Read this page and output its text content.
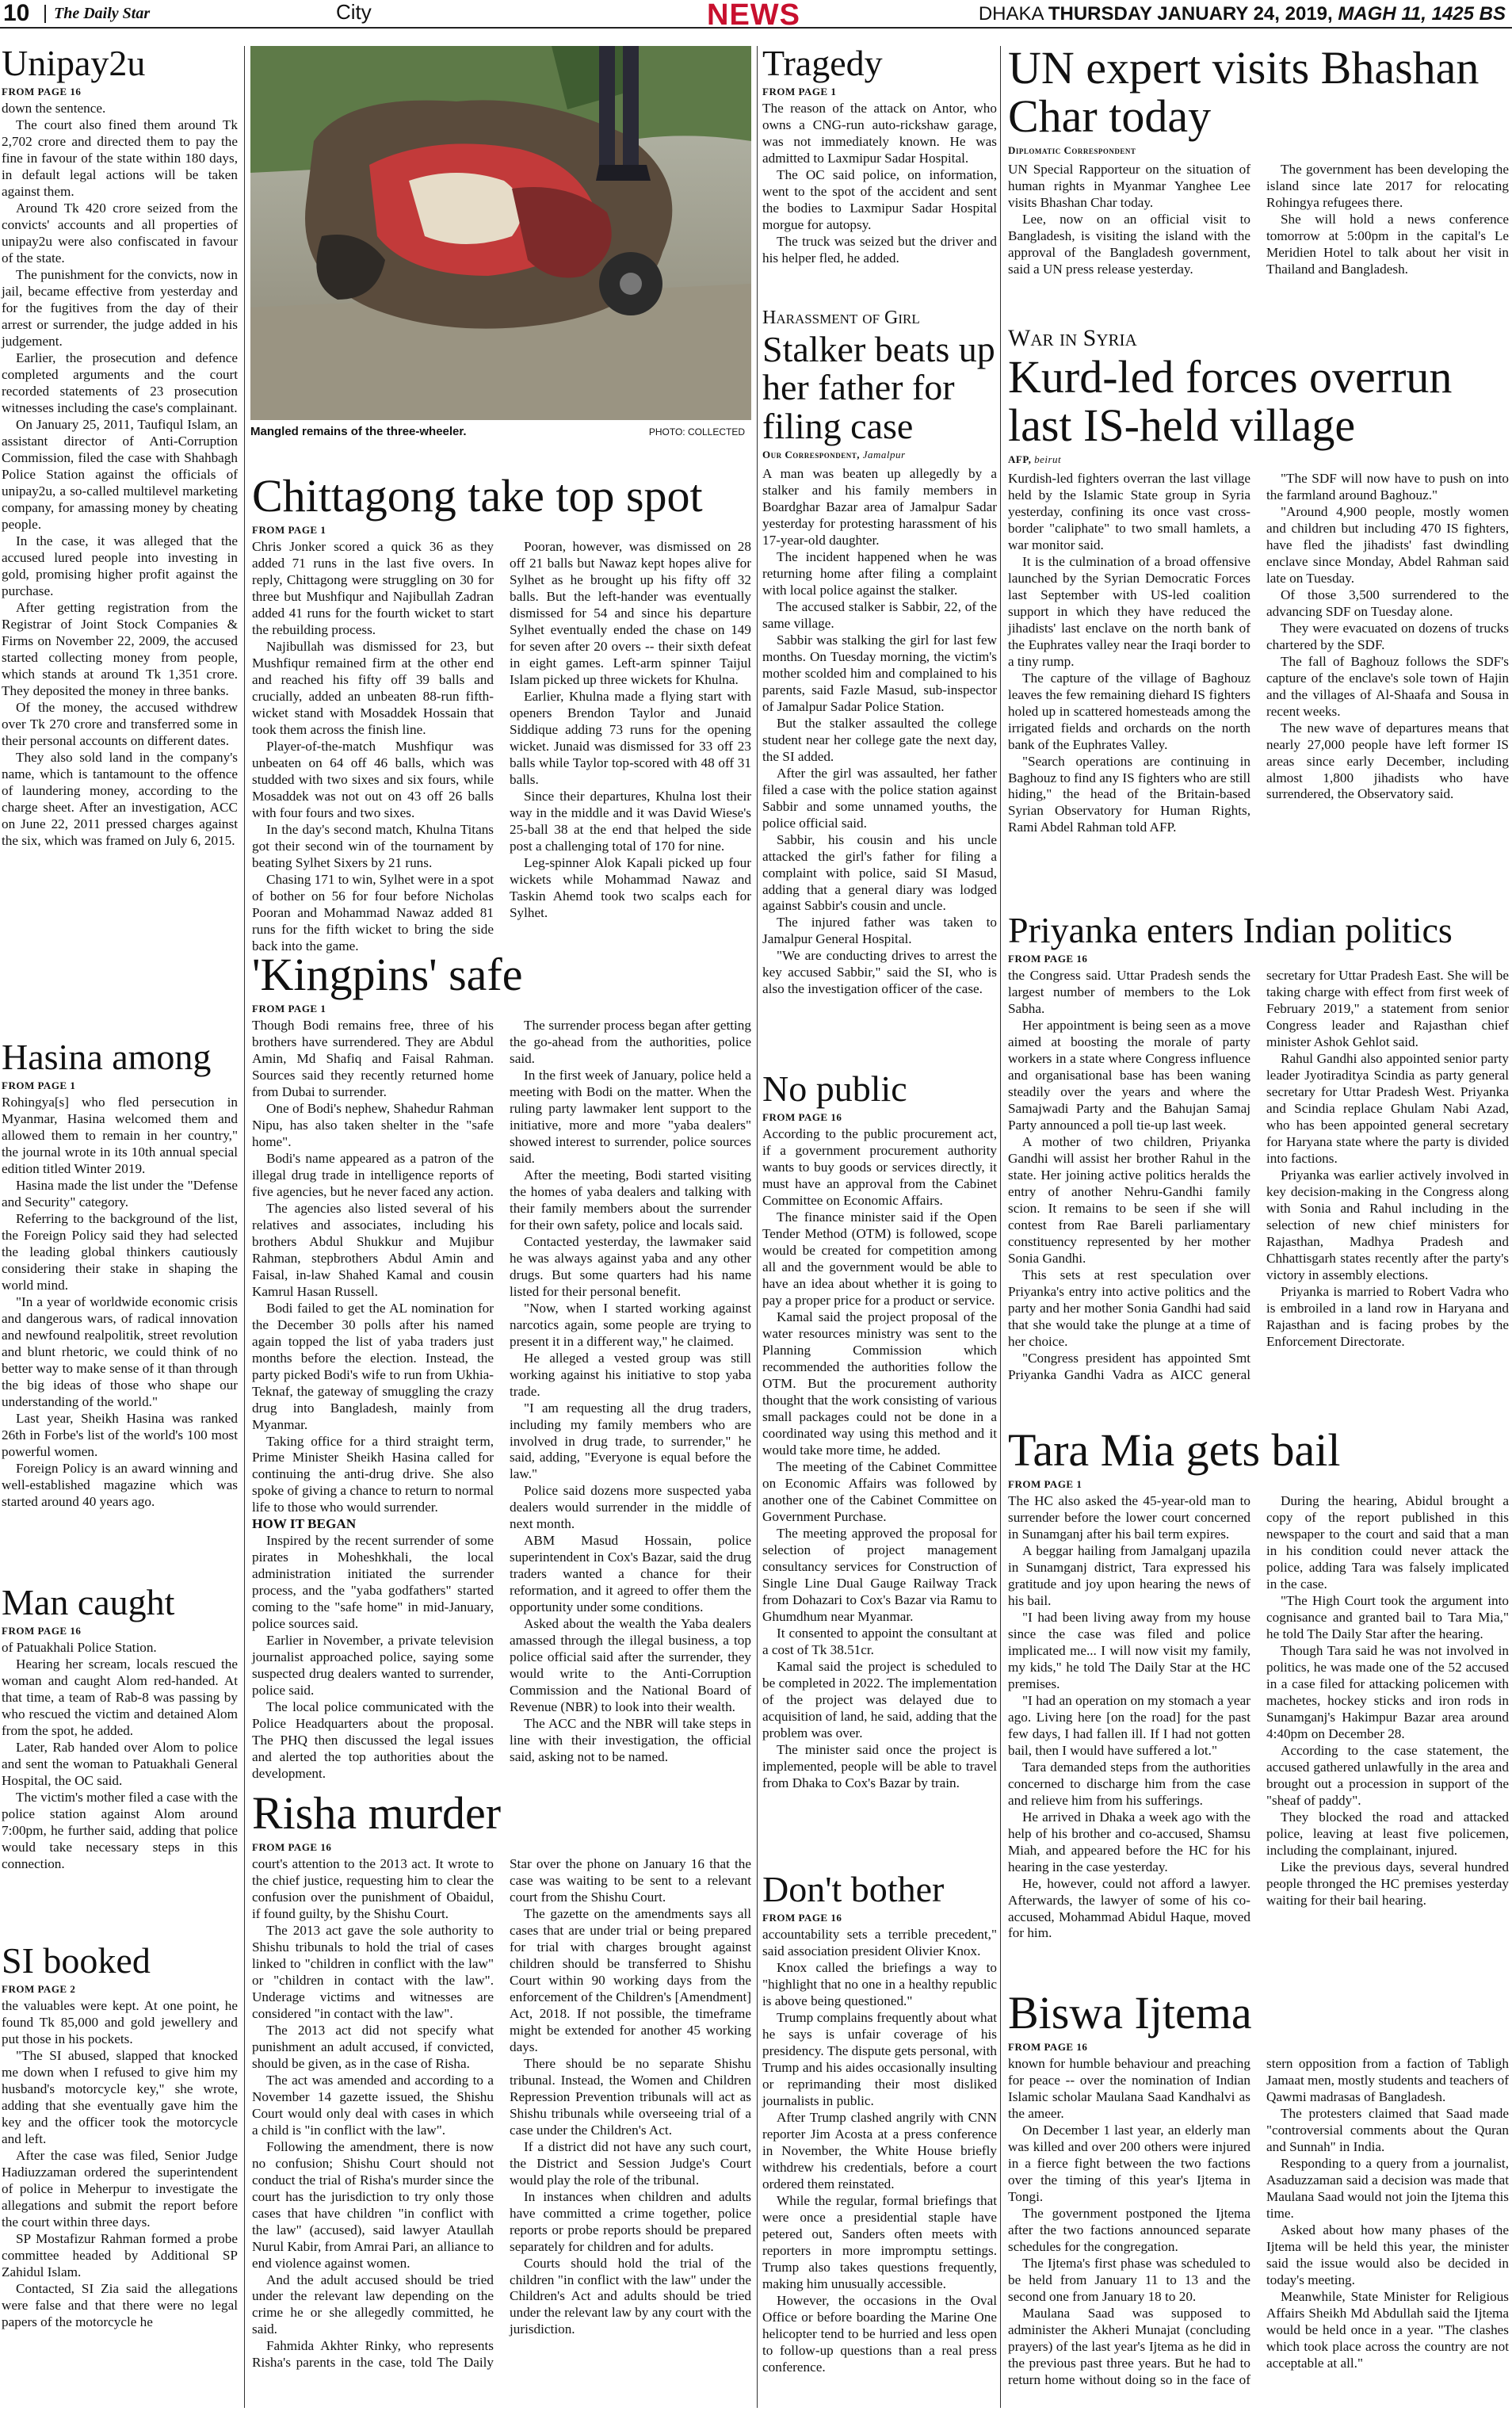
10	The Daily Star	City	NEWS	DHAKA THURSDAY JANUARY 24, 2019, MAGH 11, 1425 BS
Mangled remains of the three-wheeler.	PHOTO: COLLECTED
Unipay2u
FROM PAGE 16

down the sentence.

The court also fined them around Tk 2,702 crore and directed them to pay the fine in favour of the state within 180 days, in default legal actions will be taken against them.

Around Tk 420 crore seized from the convicts' accounts and all properties of unipay2u were also confiscated in favour of the state.

The punishment for the convicts, now in jail, became effective from yesterday and for the fugitives from the day of their arrest or surrender, the judge added in his judgement.

Earlier, the prosecution and defence completed arguments and the court recorded statements of 23 prosecution witnesses including the case's complainant.

On January 25, 2011, Taufiqul Islam, an assistant director of Anti-Corruption Commission, filed the case with Shahbagh Police Station against the officials of unipay2u, a so-called multilevel marketing company, for amassing money by cheating people.

In the case, it was alleged that the accused lured people into investing in gold, promising higher profit against the purchase.

After getting registration from the Registrar of Joint Stock Companies & Firms on November 22, 2009, the accused started collecting money from people, which stands at around Tk 1,351 crore. They deposited the money in three banks.

Of the money, the accused withdrew over Tk 270 crore and transferred some in their personal accounts on different dates.

They also sold land in the company's name, which is tantamount to the offence of laundering money, according to the charge sheet. After an investigation, ACC on June 22, 2011 pressed charges against the six, which was framed on July 6, 2015.

Hasina among
FROM PAGE 1

Rohingya[s] who fled persecution in Myanmar, Hasina welcomed them and allowed them to remain in her country," the journal wrote in its 10th annual special edition titled Winter 2019.

Hasina made the list under the "Defense and Security" category.

Referring to the background of the list, the Foreign Policy said they had selected the leading global thinkers cautiously considering their stake in shaping the world mind.

"In a year of worldwide economic crisis and dangerous wars, of radical innovation and newfound realpolitik, street revolution and blunt rhetoric, we could think of no better way to make sense of it than through the big ideas of those who shape our understanding of the world."

Last year, Sheikh Hasina was ranked 26th in Forbe's list of the world's 100 most powerful women.

Foreign Policy is an award winning and well-established magazine which was started around 40 years ago.

Man caught
FROM PAGE 16

of Patuakhali Police Station.

Hearing her scream, locals rescued the woman and caught Alom red-handed. At that time, a team of Rab-8 was passing by who rescued the victim and detained Alom from the spot, he added.

Later, Rab handed over Alom to police and sent the woman to Patuakhali General Hospital, the OC said.

The victim's mother filed a case with the police station against Alom around 7:00pm, he further said, adding that police would take necessary steps in this connection.

SI booked
FROM PAGE 2

the valuables were kept. At one point, he found Tk 85,000 and gold jewellery and put those in his pockets.

"The SI abused, slapped that knocked me down when I refused to give him my husband's motorcycle key," she wrote, adding that she eventually gave him the key and the officer took the motorcycle and left.

After the case was filed, Senior Judge Hadiuzzaman ordered the superintendent of police in Meherpur to investigate the allegations and submit the report before the court within three days.

SP Mostafizur Rahman formed a probe committee headed by Additional SP Zahidul Islam.

Contacted, SI Zia said the allegations were false and that there were no legal papers of the motorcycle he

Chittagong take top spot
FROM PAGE 1

Chris Jonker scored a quick 36 as they added 71 runs in the last five overs. In reply, Chittagong were struggling on 30 for three but Mushfiqur and Najibullah Zadran added 41 runs for the fourth wicket to start the rebuilding process.

Najibullah was dismissed for 23, but Mushfiqur remained firm at the other end and reached his fifty off 39 balls and crucially, added an unbeaten 88-run fifth-wicket stand with Mosaddek Hossain that took them across the finish line.

Player-of-the-match Mushfiqur was unbeaten on 64 off 46 balls, which was studded with two sixes and six fours, while Mosaddek was not out on 43 off 26 balls with four fours and two sixes.

In the day's second match, Khulna Titans got their second win of the tournament by beating Sylhet Sixers by 21 runs.

Chasing 171 to win, Sylhet were in a spot of bother on 56 for four before Nicholas Pooran and Mohammad Nawaz added 81 runs for the fifth wicket to bring the side back into the game.

Pooran, however, was dismissed on 28 off 21 balls but Nawaz kept hopes alive for Sylhet as he brought up his fifty off 32 balls. But the left-hander was eventually dismissed for 54 and since his departure Sylhet eventually ended the chase on 149 for seven after 20 overs -- their sixth defeat in eight games. Left-arm spinner Taijul Islam picked up three wickets for Khulna.

Earlier, Khulna made a flying start with openers Brendon Taylor and Junaid Siddique adding 73 runs for the opening wicket. Junaid was dismissed for 33 off 23 balls while Taylor top-scored with 48 off 31 balls.

Since their departures, Khulna lost their way in the middle and it was David Wiese's 25-ball 38 at the end that helped the side post a challenging total of 170 for nine.

Leg-spinner Alok Kapali picked up four wickets while Mohammad Nawaz and Taskin Ahemd took two scalps each for Sylhet.

'Kingpins' safe
FROM PAGE 1

Though Bodi remains free, three of his brothers have surrendered. They are Abdul Amin, Md Shafiq and Faisal Rahman. Sources said they recently returned home from Dubai to surrender.

One of Bodi's nephew, Shahedur Rahman Nipu, has also taken shelter in the "safe home".

Bodi's name appeared as a patron of the illegal drug trade in intelligence reports of five agencies, but he never faced any action.

The agencies also listed several of his relatives and associates, including his brothers Abdul Shukkur and Mujibur Rahman, stepbrothers Abdul Amin and Faisal, in-law Shahed Kamal and cousin Kamrul Hasan Russell.

Bodi failed to get the AL nomination for the December 30 polls after his named again topped the list of yaba traders just months before the election. Instead, the party picked Bodi's wife to run from Ukhia-Teknaf, the gateway of smuggling the crazy drug into Bangladesh, mainly from Myanmar.

Taking office for a third straight term, Prime Minister Sheikh Hasina called for continuing the anti-drug drive. She also spoke of giving a chance to return to normal life to those who would surrender.

HOW IT BEGAN

Inspired by the recent surrender of some pirates in Moheshkhali, the local administration initiated the surrender process, and the "yaba godfathers" started coming to the "safe home" in mid-January, police sources said.

Earlier in November, a private television journalist approached police, saying some suspected drug dealers wanted to surrender, police said.

The local police communicated with the Police Headquarters about the proposal. The PHQ then discussed the legal issues and alerted the top authorities about the development.

The surrender process began after getting the go-ahead from the authorities, police said.

In the first week of January, police held a meeting with Bodi on the matter. When the ruling party lawmaker lent support to the initiative, more and more "yaba dealers" showed interest to surrender, police sources said.

After the meeting, Bodi started visiting the homes of yaba dealers and talking with their family members about the surrender for their own safety, police and locals said.

Contacted yesterday, the lawmaker said he was always against yaba and any other drugs. But some quarters had his name listed for their personal benefit.

"Now, when I started working against narcotics again, some people are trying to present it in a different way," he claimed.

He alleged a vested group was still working against his initiative to stop yaba trade.

"I am requesting all the drug traders, including my family members who are involved in drug trade, to surrender," he said, adding, "Everyone is equal before the law."

Police said dozens more suspected yaba dealers would surrender in the middle of next month.

ABM Masud Hossain, police superintendent in Cox's Bazar, said the drug traders wanted a chance for their reformation, and it agreed to offer them the opportunity under some conditions.

Asked about the wealth the Yaba dealers amassed through the illegal business, a top police official said after the surrender, they would write to the Anti-Corruption Commission and the National Board of Revenue (NBR) to look into their wealth.

The ACC and the NBR will take steps in line with their investigation, the official said, asking not to be named.

Risha murder
FROM PAGE 16

court's attention to the 2013 act. It wrote to the chief justice, requesting him to clear the confusion over the punishment of Obaidul, if found guilty, by the Shishu Court.

The 2013 act gave the sole authority to Shishu tribunals to hold the trial of cases linked to "children in conflict with the law" or "children in contact with the law". Underage victims and witnesses are considered "in contact with the law".

The 2013 act did not specify what punishment an adult accused, if convicted, should be given, as in the case of Risha.

The act was amended and according to a November 14 gazette issued, the Shishu Court would only deal with cases in which a child is "in conflict with the law".

Following the amendment, there is now no confusion; Shishu Court should not conduct the trial of Risha's murder since the court has the jurisdiction to try only those cases that have children "in conflict with the law" (accused), said lawyer Ataullah Nurul Kabir, from Amrai Pari, an alliance to end violence against women.

And the adult accused should be tried under the relevant law depending on the crime he or she allegedly committed, he said.

Fahmida Akhter Rinky, who represents Risha's parents in the case, told The Daily Star over the phone on January 16 that the case was waiting to be sent to a relevant court from the Shishu Court.

The gazette on the amendments says all cases that are under trial or being prepared for trial with charges brought against children should be transferred to Shishu Court within 90 working days from the enforcement of the Children's [Amendment] Act, 2018. If not possible, the timeframe might be extended for another 45 working days.

There should be no separate Shishu tribunal. Instead, the Women and Children Repression Prevention tribunals will act as Shishu tribunals while overseeing trial of a case under the Children's Act.

If a district did not have any such court, the District and Session Judge's Court would play the role of the tribunal.

In instances when children and adults have committed a crime together, police reports or probe reports should be prepared separately for children and for adults.

Courts should hold the trial of the children "in conflict with the law" under the Children's Act and adults should be tried under the relevant law by any court with the jurisdiction.

Tragedy
FROM PAGE 1

The reason of the attack on Antor, who owns a CNG-run auto-rickshaw garage, was not immediately known. He was admitted to Laxmipur Sadar Hospital.

The OC said police, on information, went to the spot of the accident and sent the bodies to Laxmipur Sadar Hospital morgue for autopsy.

The truck was seized but the driver and his helper fled, he added.

Harassment of Girl
Stalker beats up her father for filing case
Our Correspondent, Jamalpur

A man was beaten up allegedly by a stalker and his family members in Boardghar Bazar area of Jamalpur Sadar yesterday for protesting harassment of his 17-year-old daughter.

The incident happened when he was returning home after filing a complaint with local police against the stalker.

The accused stalker is Sabbir, 22, of the same village.

Sabbir was stalking the girl for last few months. On Tuesday morning, the victim's mother scolded him and complained to his parents, said Fazle Masud, sub-inspector of Jamalpur Sadar Police Station.

But the stalker assaulted the college student near her college gate the next day, the SI added.

After the girl was assaulted, her father filed a case with the police station against Sabbir and some unnamed youths, the police official said.

Sabbir, his cousin and his uncle attacked the girl's father for filing a complaint with police, said SI Masud, adding that a general diary was lodged against Sabbir's cousin and uncle.

The injured father was taken to Jamalpur General Hospital.

"We are conducting drives to arrest the key accused Sabbir," said the SI, who is also the investigation officer of the case.

No public
FROM PAGE 16

According to the public procurement act, if a government procurement authority wants to buy goods or services directly, it must have an approval from the Cabinet Committee on Economic Affairs.

The finance minister said if the Open Tender Method (OTM) is followed, scope would be created for competition among all and the government would be able to have an idea about whether it is going to pay a proper price for a product or service.

Kamal said the project proposal of the water resources ministry was sent to the Planning Commission which recommended the authorities follow the OTM. But the procurement authority thought that the work consisting of various small packages could not be done in a coordinated way using this method and it would take more time, he added.

The meeting of the Cabinet Committee on Economic Affairs was followed by another one of the Cabinet Committee on Government Purchase.

The meeting approved the proposal for selection of project management consultancy services for Construction of Single Line Dual Gauge Railway Track from Dohazari to Cox's Bazar via Ramu to Ghumdhum near Myanmar.

It consented to appoint the consultant at a cost of Tk 38.51cr.

Kamal said the project is scheduled to be completed in 2022. The implementation of the project was delayed due to acquisition of land, he said, adding that the problem was over.

The minister said once the project is implemented, people will be able to travel from Dhaka to Cox's Bazar by train.

Don't bother
FROM PAGE 16

accountability sets a terrible precedent," said association president Olivier Knox.

Knox called the briefings a way to "highlight that no one in a healthy republic is above being questioned."

Trump complains frequently about what he says is unfair coverage of his presidency. The dispute gets personal, with Trump and his aides occasionally insulting or reprimanding their most disliked journalists in public.

After Trump clashed angrily with CNN reporter Jim Acosta at a press conference in November, the White House briefly withdrew his credentials, before a court ordered them reinstated.

While the regular, formal briefings that were once a presidential staple have petered out, Sanders often meets with reporters in more impromptu settings. Trump also takes questions frequently, making him unusually accessible.

However, the occasions in the Oval Office or before boarding the Marine One helicopter tend to be hurried and less open to follow-up questions than a real press conference.

UN expert visits Bhashan Char today
Diplomatic Correspondent

UN Special Rapporteur on the situation of human rights in Myanmar Yanghee Lee visits Bhashan Char today.

Lee, now on an official visit to Bangladesh, is visiting the island with the approval of the Bangladesh government, said a UN press release yesterday.

The government has been developing the island since late 2017 for relocating Rohingya refugees there.

She will hold a news conference tomorrow at 5:00pm in the capital's Le Meridien Hotel to talk about her visit in Thailand and Bangladesh.

War in Syria
Kurd-led forces overrun last IS-held village
AFP, beirut

Kurdish-led fighters overran the last village held by the Islamic State group in Syria yesterday, confining its once vast cross-border "caliphate" to two small hamlets, a war monitor said.

It is the culmination of a broad offensive launched by the Syrian Democratic Forces last September with US-led coalition support in which they have reduced the jihadists' last enclave on the north bank of the Euphrates valley near the Iraqi border to a tiny rump.

The capture of the village of Baghouz leaves the few remaining diehard IS fighters holed up in scattered homesteads among the irrigated fields and orchards on the north bank of the Euphrates Valley.

"Search operations are continuing in Baghouz to find any IS fighters who are still hiding," the head of the Britain-based Syrian Observatory for Human Rights, Rami Abdel Rahman told AFP.

"The SDF will now have to push on into the farmland around Baghouz."

"Around 4,900 people, mostly women and children but including 470 IS fighters, have fled the jihadists' fast dwindling enclave since Monday, Abdel Rahman said late on Tuesday.

Of those 3,500 surrendered to the advancing SDF on Tuesday alone.

They were evacuated on dozens of trucks chartered by the SDF.

The fall of Baghouz follows the SDF's capture of the enclave's sole town of Hajin and the villages of Al-Shaafa and Sousa in recent weeks.

The new wave of departures means that nearly 27,000 people have left former IS areas since early December, including almost 1,800 jihadists who have surrendered, the Observatory said.

Priyanka enters Indian politics
FROM PAGE 16

the Congress said. Uttar Pradesh sends the largest number of members to the Lok Sabha.

Her appointment is being seen as a move aimed at boosting the morale of party workers in a state where Congress influence and organisational base has been waning steadily over the years and where the Samajwadi Party and the Bahujan Samaj Party announced a poll tie-up last week.

A mother of two children, Priyanka Gandhi will assist her brother Rahul in the state. Her joining active politics heralds the entry of another Nehru-Gandhi family scion. It remains to be seen if she will contest from Rae Bareli parliamentary constituency represented by her mother Sonia Gandhi.

This sets at rest speculation over Priyanka's entry into active politics and the party and her mother Sonia Gandhi had said that she would take the plunge at a time of her choice.

"Congress president has appointed Smt Priyanka Gandhi Vadra as AICC general secretary for Uttar Pradesh East. She will be taking charge with effect from first week of February 2019," a statement from senior Congress leader and Rajasthan chief minister Ashok Gehlot said.

Rahul Gandhi also appointed senior party leader Jyotiraditya Scindia as party general secretary for Uttar Pradesh West. Priyanka and Scindia replace Ghulam Nabi Azad, who has been appointed general secretary for Haryana state where the party is divided into factions.

Priyanka was earlier actively involved in key decision-making in the Congress along with Sonia and Rahul including in the selection of new chief ministers for Rajasthan, Madhya Pradesh and Chhattisgarh states recently after the party's victory in assembly elections.

Priyanka is married to Robert Vadra who is embroiled in a land row in Haryana and Rajasthan and is facing probes by the Enforcement Directorate.

Tara Mia gets bail
FROM PAGE 1

The HC also asked the 45-year-old man to surrender before the lower court concerned in Sunamganj after his bail term expires.

A beggar hailing from Jamalganj upazila in Sunamganj district, Tara expressed his gratitude and joy upon hearing the news of his bail.

"I had been living away from my house since the case was filed and police implicated me... I will now visit my family, my kids," he told The Daily Star at the HC premises.

"I had an operation on my stomach a year ago. Living here [on the road] for the past few days, I had fallen ill. If I had not gotten bail, then I would have suffered a lot."

Tara demanded steps from the authorities concerned to discharge him from the case and relieve him from his sufferings.

He arrived in Dhaka a week ago with the help of his brother and co-accused, Shamsu Miah, and appeared before the HC for his hearing in the case yesterday.

He, however, could not afford a lawyer. Afterwards, the lawyer of some of his co-accused, Mohammad Abidul Haque, moved for him.

During the hearing, Abidul brought a copy of the report published in this newspaper to the court and said that a man in his condition could never attack the police, adding Tara was falsely implicated in the case.

"The High Court took the argument into cognisance and granted bail to Tara Mia," he told The Daily Star after the hearing.

Though Tara said he was not involved in politics, he was made one of the 52 accused in a case filed for attacking policemen with machetes, hockey sticks and iron rods in Sunamganj's Hakimpur Bazar area around 4:40pm on December 28.

According to the case statement, the accused gathered unlawfully in the area and brought out a procession in support of the "sheaf of paddy".

They blocked the road and attacked police, leaving at least five policemen, including the complainant, injured.

Like the previous days, several hundred people thronged the HC premises yesterday waiting for their bail hearing.

Biswa Ijtema
FROM PAGE 16

known for humble behaviour and preaching for peace -- over the nomination of Indian Islamic scholar Maulana Saad Kandhalvi as the ameer.

On December 1 last year, an elderly man was killed and over 200 others were injured in a fierce fight between the two factions over the timing of this year's Ijtema in Tongi.

The government postponed the Ijtema after the two factions announced separate schedules for the congregation.

The Ijtema's first phase was scheduled to be held from January 11 to 13 and the second one from January 18 to 20.

Maulana Saad was supposed to administer the Akheri Munajat (concluding prayers) of the last year's Ijtema as he did in the previous past three years. But he had to return home without doing so in the face of stern opposition from a faction of Tabligh Jamaat men, mostly students and teachers of Qawmi madrasas of Bangladesh.

The protesters claimed that Saad made "controversial comments about the Quran and Sunnah" in India.

Responding to a query from a journalist, Asaduzzaman said a decision was made that Maulana Saad would not join the Ijtema this time.

Asked about how many phases of the Ijtema will be held this year, the minister said the issue would also be decided in today's meeting.

Meanwhile, State Minister for Religious Affairs Sheikh Md Abdullah said the Ijtema would be held once in a year. "The clashes which took place across the country are not acceptable at all."
